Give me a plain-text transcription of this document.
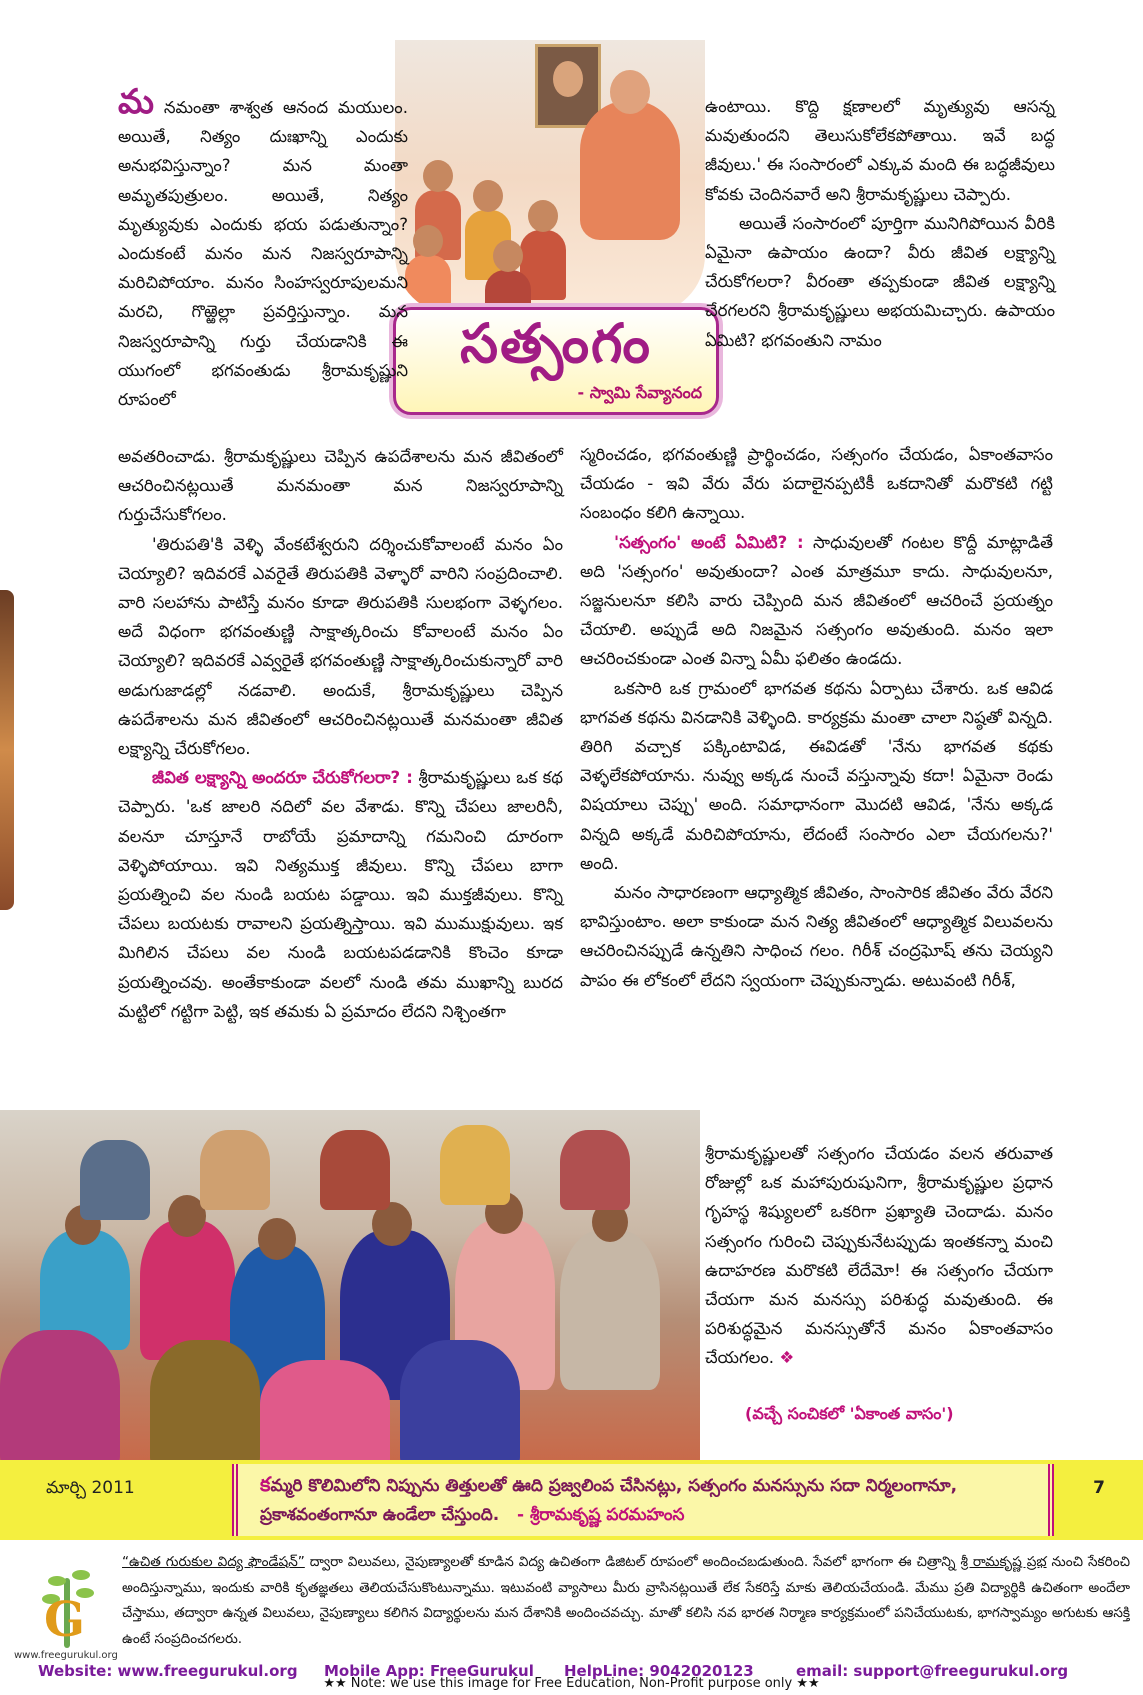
సత్సంగం
- స్వామి సేవ్యానంద

మ నమంతా శాశ్వత ఆనంద మయులం. అయితే, నిత్యం దుఃఖాన్ని ఎందుకు అనుభవిస్తున్నాం? మన మంతా అమృతపుత్రులం. అయితే, నిత్యం మృత్యువుకు ఎందుకు భయ పడుతున్నాం? ఎందుకంటే మనం మన నిజస్వరూపాన్ని మరిచిపోయాం. మనం సింహస్వరూపులమని మరచి, గొఱ్ఱెల్లా ప్రవర్తిస్తున్నాం. మన నిజస్వరూపాన్ని గుర్తు చేయడానికి ఈ యుగంలో భగవంతుడు శ్రీరామకృష్ణుని రూపంలో

అవతరించాడు. శ్రీరామకృష్ణులు చెప్పిన ఉపదేశాలను మన జీవితంలో ఆచరించినట్లయితే మనమంతా మన నిజస్వరూపాన్ని గుర్తుచేసుకోగలం.

'తిరుపతి'కి వెళ్ళి వేంకటేశ్వరుని దర్శించుకోవాలంటే మనం ఏం చెయ్యాలి? ఇదివరకే ఎవరైతే తిరుపతికి వెళ్ళారో వారిని సంప్రదించాలి. వారి సలహాను పాటిస్తే మనం కూడా తిరుపతికి సులభంగా వెళ్ళగలం. అదే విధంగా భగవంతుణ్ణి సాక్షాత్కరించు కోవాలంటే మనం ఏం చెయ్యాలి? ఇదివరకే ఎవ్వరైతే భగవంతుణ్ణి సాక్షాత్కరించుకున్నారో వారి అడుగుజాడల్లో నడవాలి. అందుకే, శ్రీరామకృష్ణులు చెప్పిన ఉపదేశాలను మన జీవితంలో ఆచరించినట్లయితే మనమంతా జీవిత లక్ష్యాన్ని చేరుకోగలం.

జీవిత లక్ష్యాన్ని అందరూ చేరుకోగలరా? : శ్రీరామకృష్ణులు ఒక కథ చెప్పారు. 'ఒక జాలరి నదిలో వల వేశాడు. కొన్ని చేపలు జాలరినీ, వలనూ చూస్తూనే రాబోయే ప్రమాదాన్ని గమనించి దూరంగా వెళ్ళిపోయాయి. ఇవి నిత్యముక్త జీవులు. కొన్ని చేపలు బాగా ప్రయత్నించి వల నుండి బయట పడ్డాయి. ఇవి ముక్తజీవులు. కొన్ని చేపలు బయటకు రావాలని ప్రయత్నిస్తాయి. ఇవి ముముక్షువులు. ఇక మిగిలిన చేపలు వల నుండి బయటపడడానికి కొంచెం కూడా ప్రయత్నించవు. అంతేకాకుండా వలలో నుండి తమ ముఖాన్ని బురద మట్టిలో గట్టిగా పెట్టి, ఇక తమకు ఏ ప్రమాదం లేదని నిశ్చింతగా

ఉంటాయి. కొద్ది క్షణాలలో మృత్యువు ఆసన్న మవుతుందని తెలుసుకోలేకపోతాయి. ఇవే బద్ధ జీవులు.' ఈ సంసారంలో ఎక్కువ మంది ఈ బద్ధజీవులు కోవకు చెందినవారే అని శ్రీరామకృష్ణులు చెప్పారు.

అయితే సంసారంలో పూర్తిగా మునిగిపోయిన వీరికి ఏమైనా ఉపాయం ఉందా? వీరు జీవిత లక్ష్యాన్ని చేరుకోగలరా? వీరంతా తప్పకుండా జీవిత లక్ష్యాన్ని చేరగలరని శ్రీరామకృష్ణులు అభయమిచ్చారు. ఉపాయం ఏమిటి? భగవంతుని నామం

స్మరించడం, భగవంతుణ్ణి ప్రార్థించడం, సత్సంగం చేయడం, ఏకాంతవాసం చేయడం - ఇవి వేరు వేరు పదాలైనప్పటికీ ఒకదానితో మరొకటి గట్టి సంబంధం కలిగి ఉన్నాయి.

'సత్సంగం' అంటే ఏమిటి? : సాధువులతో గంటల కొద్దీ మాట్లాడితే అది 'సత్సంగం' అవుతుందా? ఎంత మాత్రమూ కాదు. సాధువులనూ, సజ్జనులనూ కలిసి వారు చెప్పింది మన జీవితంలో ఆచరించే ప్రయత్నం చేయాలి. అప్పుడే అది నిజమైన సత్సంగం అవుతుంది. మనం ఇలా ఆచరించకుండా ఎంత విన్నా ఏమీ ఫలితం ఉండదు.

ఒకసారి ఒక గ్రామంలో భాగవత కథను ఏర్పాటు చేశారు. ఒక ఆవిడ భాగవత కథను వినడానికి వెళ్ళింది. కార్యక్రమ మంతా చాలా నిష్ఠతో విన్నది. తిరిగి వచ్చాక పక్కింటావిడ, ఈవిడతో 'నేను భాగవత కథకు వెళ్ళలేకపోయాను. నువ్వు అక్కడ నుంచే వస్తున్నావు కదా! ఏమైనా రెండు విషయాలు చెప్పు' అంది. సమాధానంగా మొదటి ఆవిడ, 'నేను అక్కడ విన్నది అక్కడే మరిచిపోయాను, లేదంటే సంసారం ఎలా చేయగలను?' అంది.

మనం సాధారణంగా ఆధ్యాత్మిక జీవితం, సాంసారిక జీవితం వేరు వేరని భావిస్తుంటాం. అలా కాకుండా మన నిత్య జీవితంలో ఆధ్యాత్మిక విలువలను ఆచరించినప్పుడే ఉన్నతిని సాధించ గలం. గిరీశ్ చంద్రఘోష్ తను చెయ్యని పాపం ఈ లోకంలో లేదని స్వయంగా చెప్పుకున్నాడు. అటువంటి గిరీశ్,

శ్రీరామకృష్ణులతో సత్సంగం చేయడం వలన తరువాత రోజుల్లో ఒక మహాపురుషునిగా, శ్రీరామకృష్ణుల ప్రధాన గృహస్థ శిష్యులలో ఒకరిగా ప్రఖ్యాతి చెందాడు. మనం సత్సంగం గురించి చెప్పుకునేటప్పుడు ఇంతకన్నా మంచి ఉదాహరణ మరొకటి లేదేమో! ఈ సత్సంగం చేయగా చేయగా మన మనస్సు పరిశుద్ధ మవుతుంది. ఈ పరిశుద్ధమైన మనస్సుతోనే మనం ఏకాంతవాసం చేయగలం. ❖

(వచ్చే సంచికలో 'ఏకాంత వాసం')
మార్చి 2011	కమ్మరి కొలిమిలోని నిప్పును తిత్తులతో ఊది ప్రజ్వలింప చేసినట్లు, సత్సంగం మనస్సును సదా నిర్మలంగానూ, ప్రకాశవంతంగానూ ఉండేలా చేస్తుంది. - శ్రీరామకృష్ణ పరమహంస
7
G
www.freegurukul.org
“ఉచిత గురుకుల విద్య ఫౌండేషన్” ద్వారా విలువలు, నైపుణ్యాలతో కూడిన విద్య ఉచితంగా డిజిటల్ రూపంలో అందించబడుతుంది. సేవలో భాగంగా ఈ చిత్రాన్ని శ్రీ రామకృష్ణ ప్రభ నుంచి సేకరించి అందిస్తున్నాము, ఇందుకు వారికి కృతజ్ఞతలు తెలియచేసుకొంటున్నాము. ఇటువంటి వ్యాసాలు మీరు వ్రాసినట్లయితే లేక సేకరిస్తే మాకు తెలియచేయండి. మేము ప్రతి విద్యార్థికి ఉచితంగా అందేలా చేస్తాము, తద్వారా ఉన్నత విలువలు, నైపుణ్యాలు కలిగిన విద్యార్థులను మన దేశానికి అందించవచ్చు. మాతో కలిసి నవ భారత నిర్మాణ కార్యక్రమంలో పనిచేయుటకు, భాగస్వామ్యం అగుటకు ఆసక్తి ఉంటే సంప్రదించగలరు.
Website: www.freegurukul.org Mobile App: FreeGurukul HelpLine: 9042020123	email: support@freegurukul.org
★★ Note: we use this image for Free Education, Non-Profit purpose only ★★
